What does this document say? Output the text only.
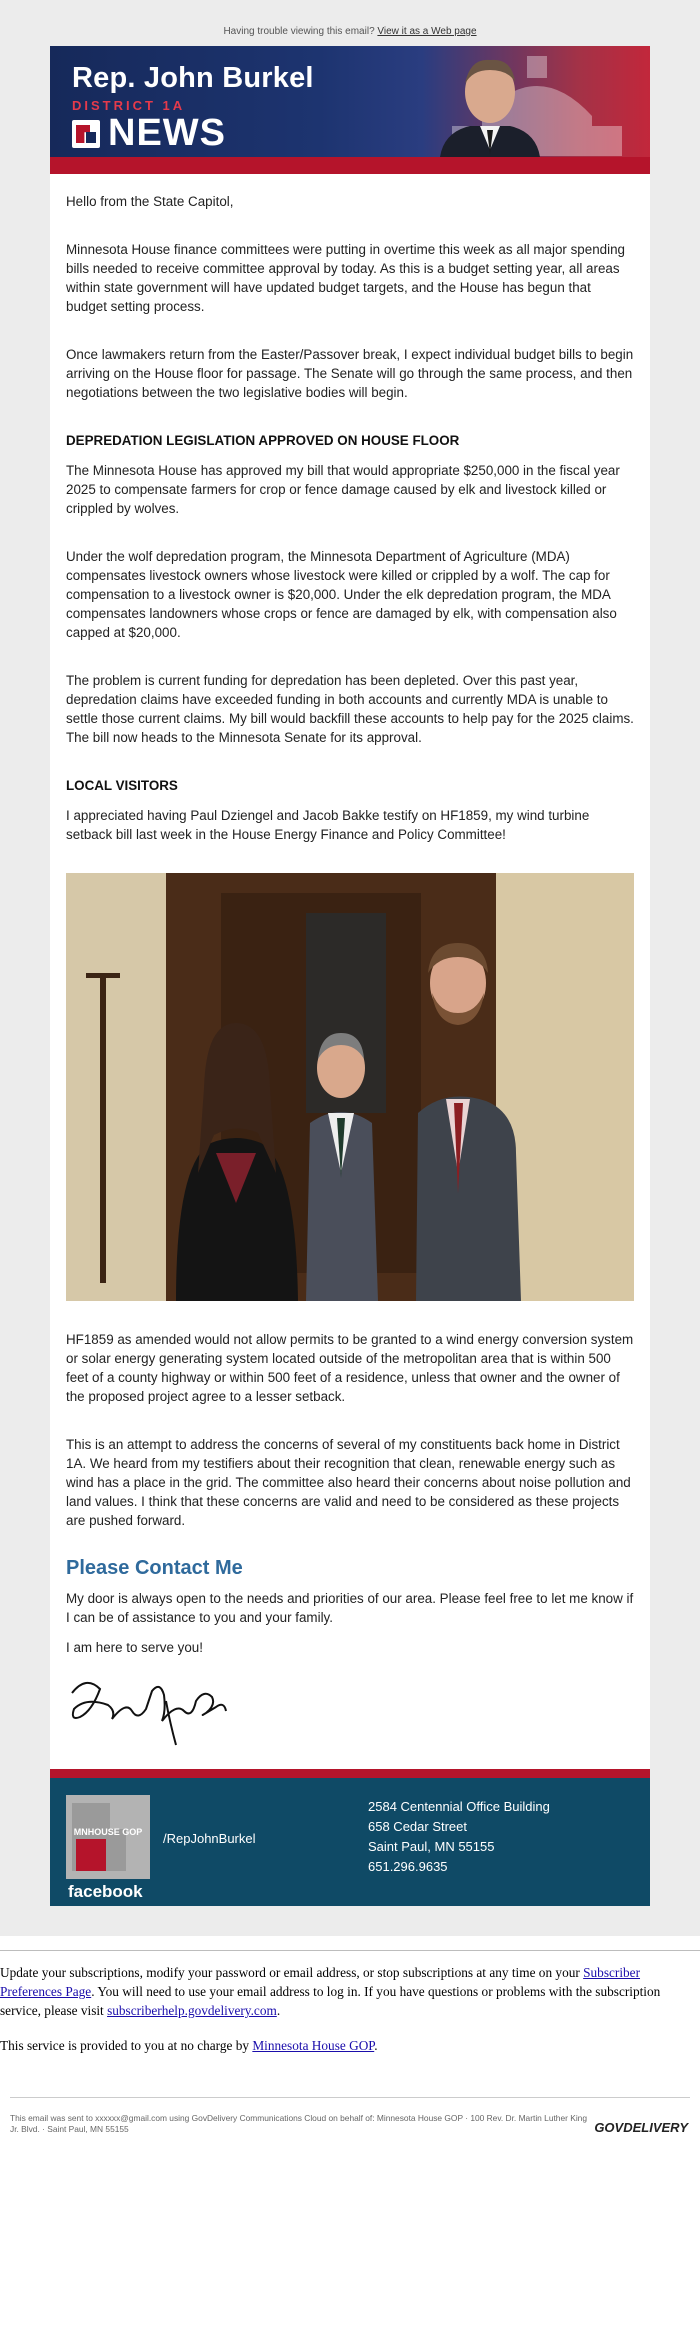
Having trouble viewing this email? View it as a Web page
Rep. John Burkel
DISTRICT 1A
NEWS

Hello from the State Capitol,

Minnesota House finance committees were putting in overtime this week as all major spending bills needed to receive committee approval by today. As this is a budget setting year, all areas within state government will have updated budget targets, and the House has begun that budget setting process.

Once lawmakers return from the Easter/Passover break, I expect individual budget bills to begin arriving on the House floor for passage. The Senate will go through the same process, and then negotiations between the two legislative bodies will begin.

DEPREDATION LEGISLATION APPROVED ON HOUSE FLOOR

The Minnesota House has approved my bill that would appropriate $250,000 in the fiscal year 2025 to compensate farmers for crop or fence damage caused by elk and livestock killed or crippled by wolves.

Under the wolf depredation program, the Minnesota Department of Agriculture (MDA) compensates livestock owners whose livestock were killed or crippled by a wolf. The cap for compensation to a livestock owner is $20,000. Under the elk depredation program, the MDA compensates landowners whose crops or fence are damaged by elk, with compensation also capped at $20,000.

The problem is current funding for depredation has been depleted. Over this past year, depredation claims have exceeded funding in both accounts and currently MDA is unable to settle those current claims. My bill would backfill these accounts to help pay for the 2025 claims. The bill now heads to the Minnesota Senate for its approval.

LOCAL VISITORS

I appreciated having Paul Dziengel and Jacob Bakke testify on HF1859, my wind turbine setback bill last week in the House Energy Finance and Policy Committee!

HF1859 as amended would not allow permits to be granted to a wind energy conversion system or solar energy generating system located outside of the metropolitan area that is within 500 feet of a county highway or within 500 feet of a residence, unless that owner and the owner of the proposed project agree to a lesser setback.

This is an attempt to address the concerns of several of my constituents back home in District 1A. We heard from my testifiers about their recognition that clean, renewable energy such as wind has a place in the grid. The committee also heard their concerns about noise pollution and land values. I think that these concerns are valid and need to be considered as these projects are pushed forward.

Please Contact Me

My door is always open to the needs and priorities of our area. Please feel free to let me know if I can be of assistance to you and your family.

I am here to serve you!

MNHOUSE GOP
facebook
/RepJohnBurkel
2584 Centennial Office Building
658 Cedar Street
Saint Paul, MN 55155
651.296.9635

Update your subscriptions, modify your password or email address, or stop subscriptions at any time on your Subscriber Preferences Page. You will need to use your email address to log in. If you have questions or problems with the subscription service, please visit subscriberhelp.govdelivery.com.

This service is provided to you at no charge by Minnesota House GOP.

This email was sent to xxxxxx@gmail.com using GovDelivery Communications Cloud on behalf of: Minnesota House GOP · 100 Rev. Dr. Martin Luther King Jr. Blvd. · Saint Paul, MN 55155	GOVDELIVERY
